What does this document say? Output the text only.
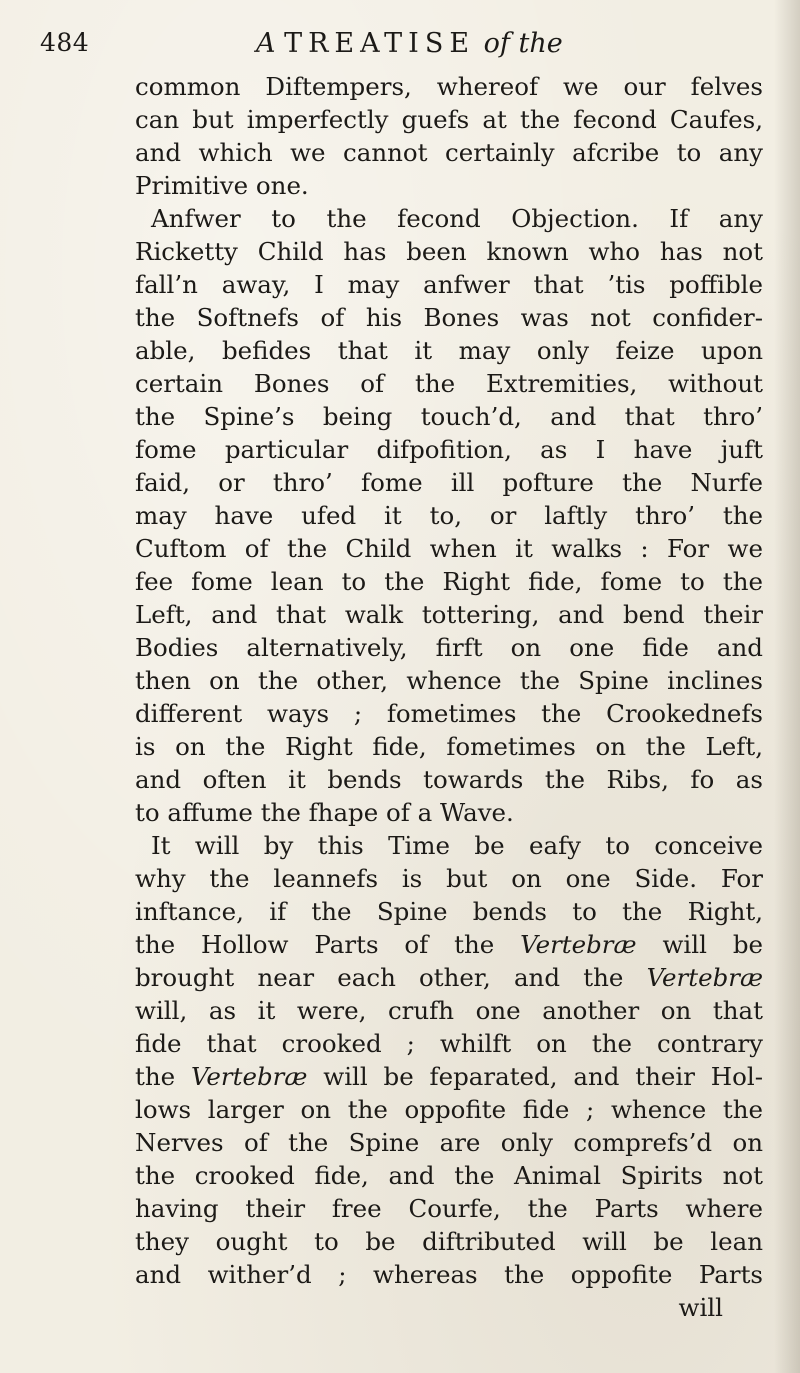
484	A TREATISE of the
common Diftempers, whereof we our felves
can but imperfectly guefs at the fecond Caufes,
and which we cannot certainly afcribe to any
Primitive one.
Anfwer to the fecond Objection. If any
Ricketty Child has been known who has not
fall’n away, I may anfwer that ’tis poffible
the Softnefs of his Bones was not confider-
able, befides that it may only feize upon
certain Bones of the Extremities, without
the Spine’s being touch’d, and that thro’
fome particular difpofition, as I have juft
faid, or thro’ fome ill pofture the Nurfe
may have ufed it to, or laftly thro’ the
Cuftom of the Child when it walks : For we
fee fome lean to the Right fide, fome to the
Left, and that walk tottering, and bend their
Bodies alternatively, firft on one fide and
then on the other, whence the Spine inclines
different ways ; fometimes the Crookednefs
is on the Right fide, fometimes on the Left,
and often it bends towards the Ribs, fo as
to affume the fhape of a Wave.
It will by this Time be eafy to conceive
why the leannefs is but on one Side. For
inftance, if the Spine bends to the Right,
the Hollow Parts of the Vertebræ will be
brought near each other, and the Vertebræ
will, as it were, crufh one another on that
fide that crooked ; whilft on the contrary
the Vertebræ will be feparated, and their Hol-
lows larger on the oppofite fide ; whence the
Nerves of the Spine are only comprefs’d on
the crooked fide, and the Animal Spirits not
having their free Courfe, the Parts where
they ought to be diftributed will be lean
and wither’d ; whereas the oppofite Parts
will
